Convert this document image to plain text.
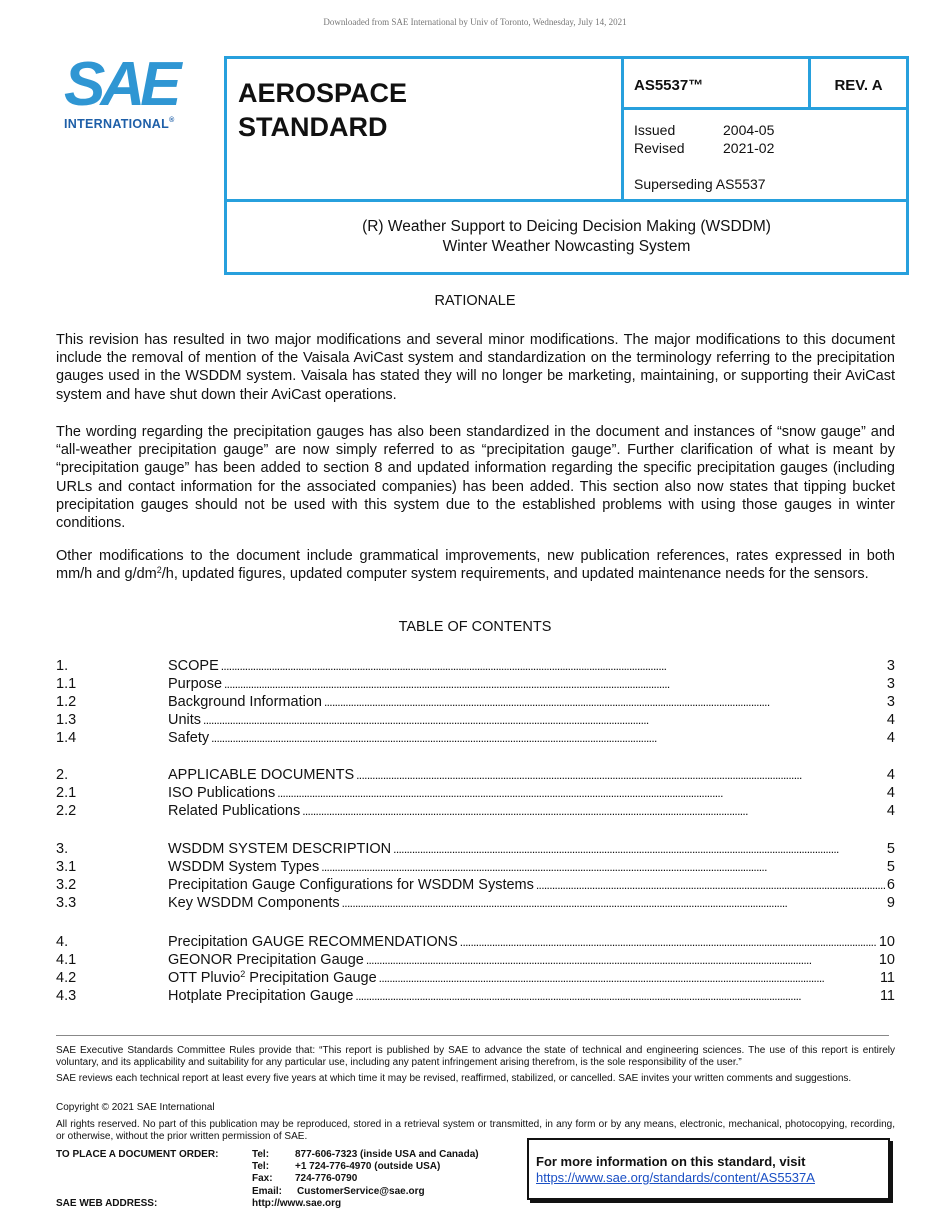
Downloaded from SAE International by Univ of Toronto, Wednesday, July 14, 2021
SAE
INTERNATIONAL®
AEROSPACE
STANDARD
AS5537™	REV. A
Issued	2004-05
Revised	2021-02
Superseding AS5537
(R) Weather Support to Deicing Decision Making (WSDDM)
Winter Weather Nowcasting System
RATIONALE
This revision has resulted in two major modifications and several minor modifications. The major modifications to this document include the removal of mention of the Vaisala AviCast system and standardization on the terminology referring to the precipitation gauges used in the WSDDM system. Vaisala has stated they will no longer be marketing, maintaining, or supporting their AviCast system and have shut down their AviCast operations.
The wording regarding the precipitation gauges has also been standardized in the document and instances of “snow gauge” and “all-weather precipitation gauge” are now simply referred to as “precipitation gauge”. Further clarification of what is meant by “precipitation gauge” has been added to section 8 and updated information regarding the specific precipitation gauges (including URLs and contact information for the associated companies) has been added. This section also now states that tipping bucket precipitation gauges should not be used with this system due to the established problems with using those gauges in winter conditions.
Other modifications to the document include grammatical improvements, new publication references, rates expressed in both mm/h and $g/dm^2/h$, updated figures, updated computer system requirements, and updated maintenance needs for the sensors.
TABLE OF CONTENTS
1.	SCOPE . . .	3
1.1	Purpose . . .	3
1.2	Background Information . . .	3
1.3	Units . . .	4
1.4	Safety . . .	4
2.	APPLICABLE DOCUMENTS . . .	4
2.1	ISO Publications . . .	4
2.2	Related Publications . . .	4
3.	WSDDM SYSTEM DESCRIPTION . . .	5
3.1	WSDDM System Types . . .	5
3.2	Precipitation Gauge Configurations for WSDDM Systems . . .	6
3.3	Key WSDDM Components . . .	9
4.	Precipitation GAUGE RECOMMENDATIONS . . .	10
4.1	GEONOR Precipitation Gauge . . .	10
4.2	OTT Pluvio$^2$ Precipitation Gauge . . .	11
4.3	Hotplate Precipitation Gauge . . .	11
SAE Executive Standards Committee Rules provide that: “This report is published by SAE to advance the state of technical and engineering sciences. The use of this report is entirely voluntary, and its applicability and suitability for any particular use, including any patent infringement arising therefrom, is the sole responsibility of the user.”
SAE reviews each technical report at least every five years at which time it may be revised, reaffirmed, stabilized, or cancelled. SAE invites your written comments and suggestions.
Copyright © 2021 SAE International
All rights reserved. No part of this publication may be reproduced, stored in a retrieval system or transmitted, in any form or by any means, electronic, mechanical, photocopying, recording, or otherwise, without the prior written permission of SAE.
TO PLACE A DOCUMENT ORDER:	Tel:	877-606-7323 (inside USA and Canada)
Tel:	+1 724-776-4970 (outside USA)
Fax: 724-776-0790
Email: CustomerService@sae.org
SAE WEB ADDRESS:	http://www.sae.org
For more information on this standard, visit
https://www.sae.org/standards/content/AS5537A
